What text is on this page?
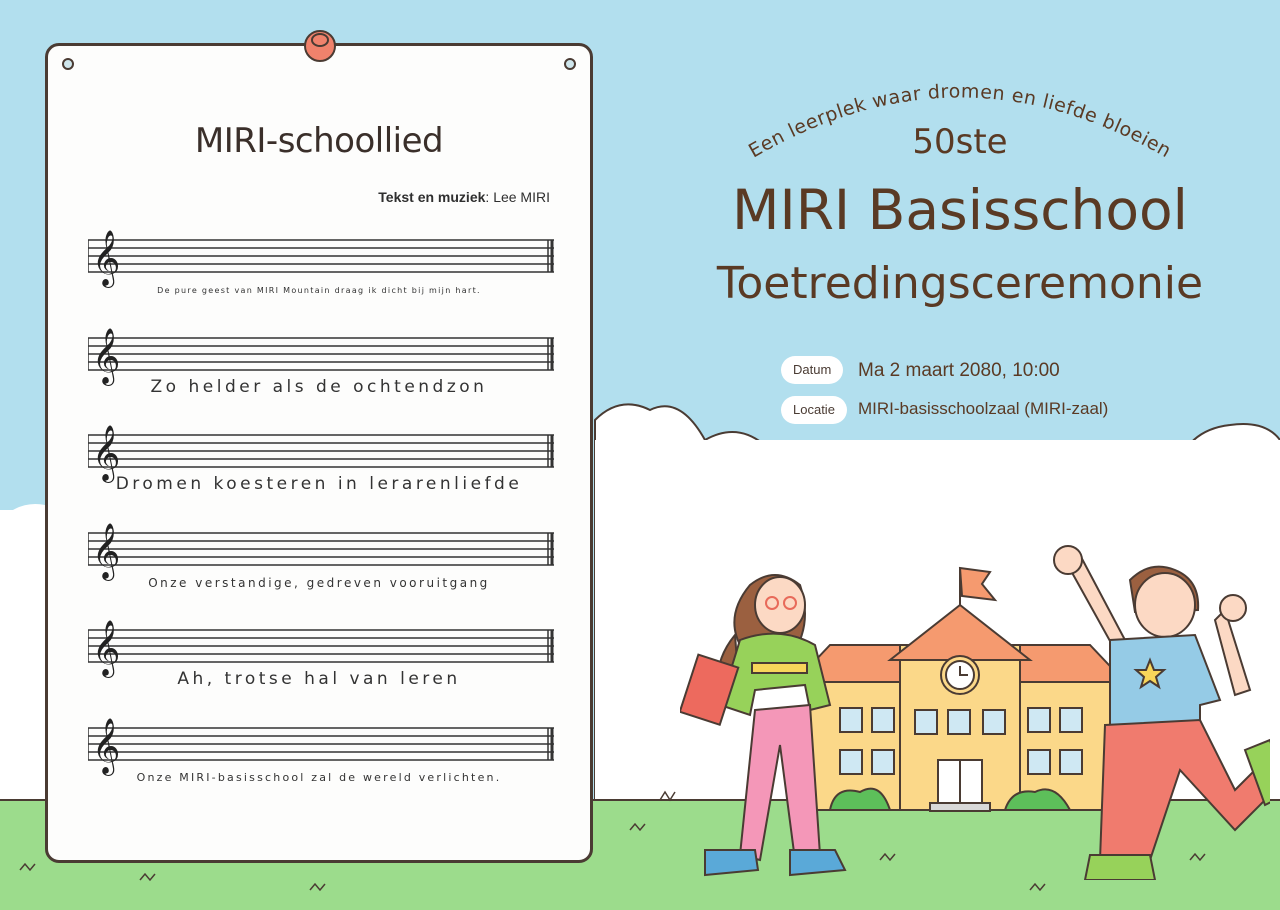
MIRI-schoollied
Tekst en muziek: Lee MIRI
𝄞
De pure geest van MIRI Mountain draag ik dicht bij mijn hart.
𝄞
Zo helder als de ochtendzon
𝄞
Dromen koesteren in lerarenliefde
𝄞
Onze verstandige, gedreven vooruitgang
𝄞
Ah, trotse hal van leren
𝄞
Onze MIRI-basisschool zal de wereld verlichten.
Een leerplek waar dromen en liefde bloeien
50ste
MIRI Basisschool
Toetredingsceremonie
Datum	Ma 2 maart 2080, 10:00
Locatie	MIRI-basisschoolzaal (MIRI-zaal)
